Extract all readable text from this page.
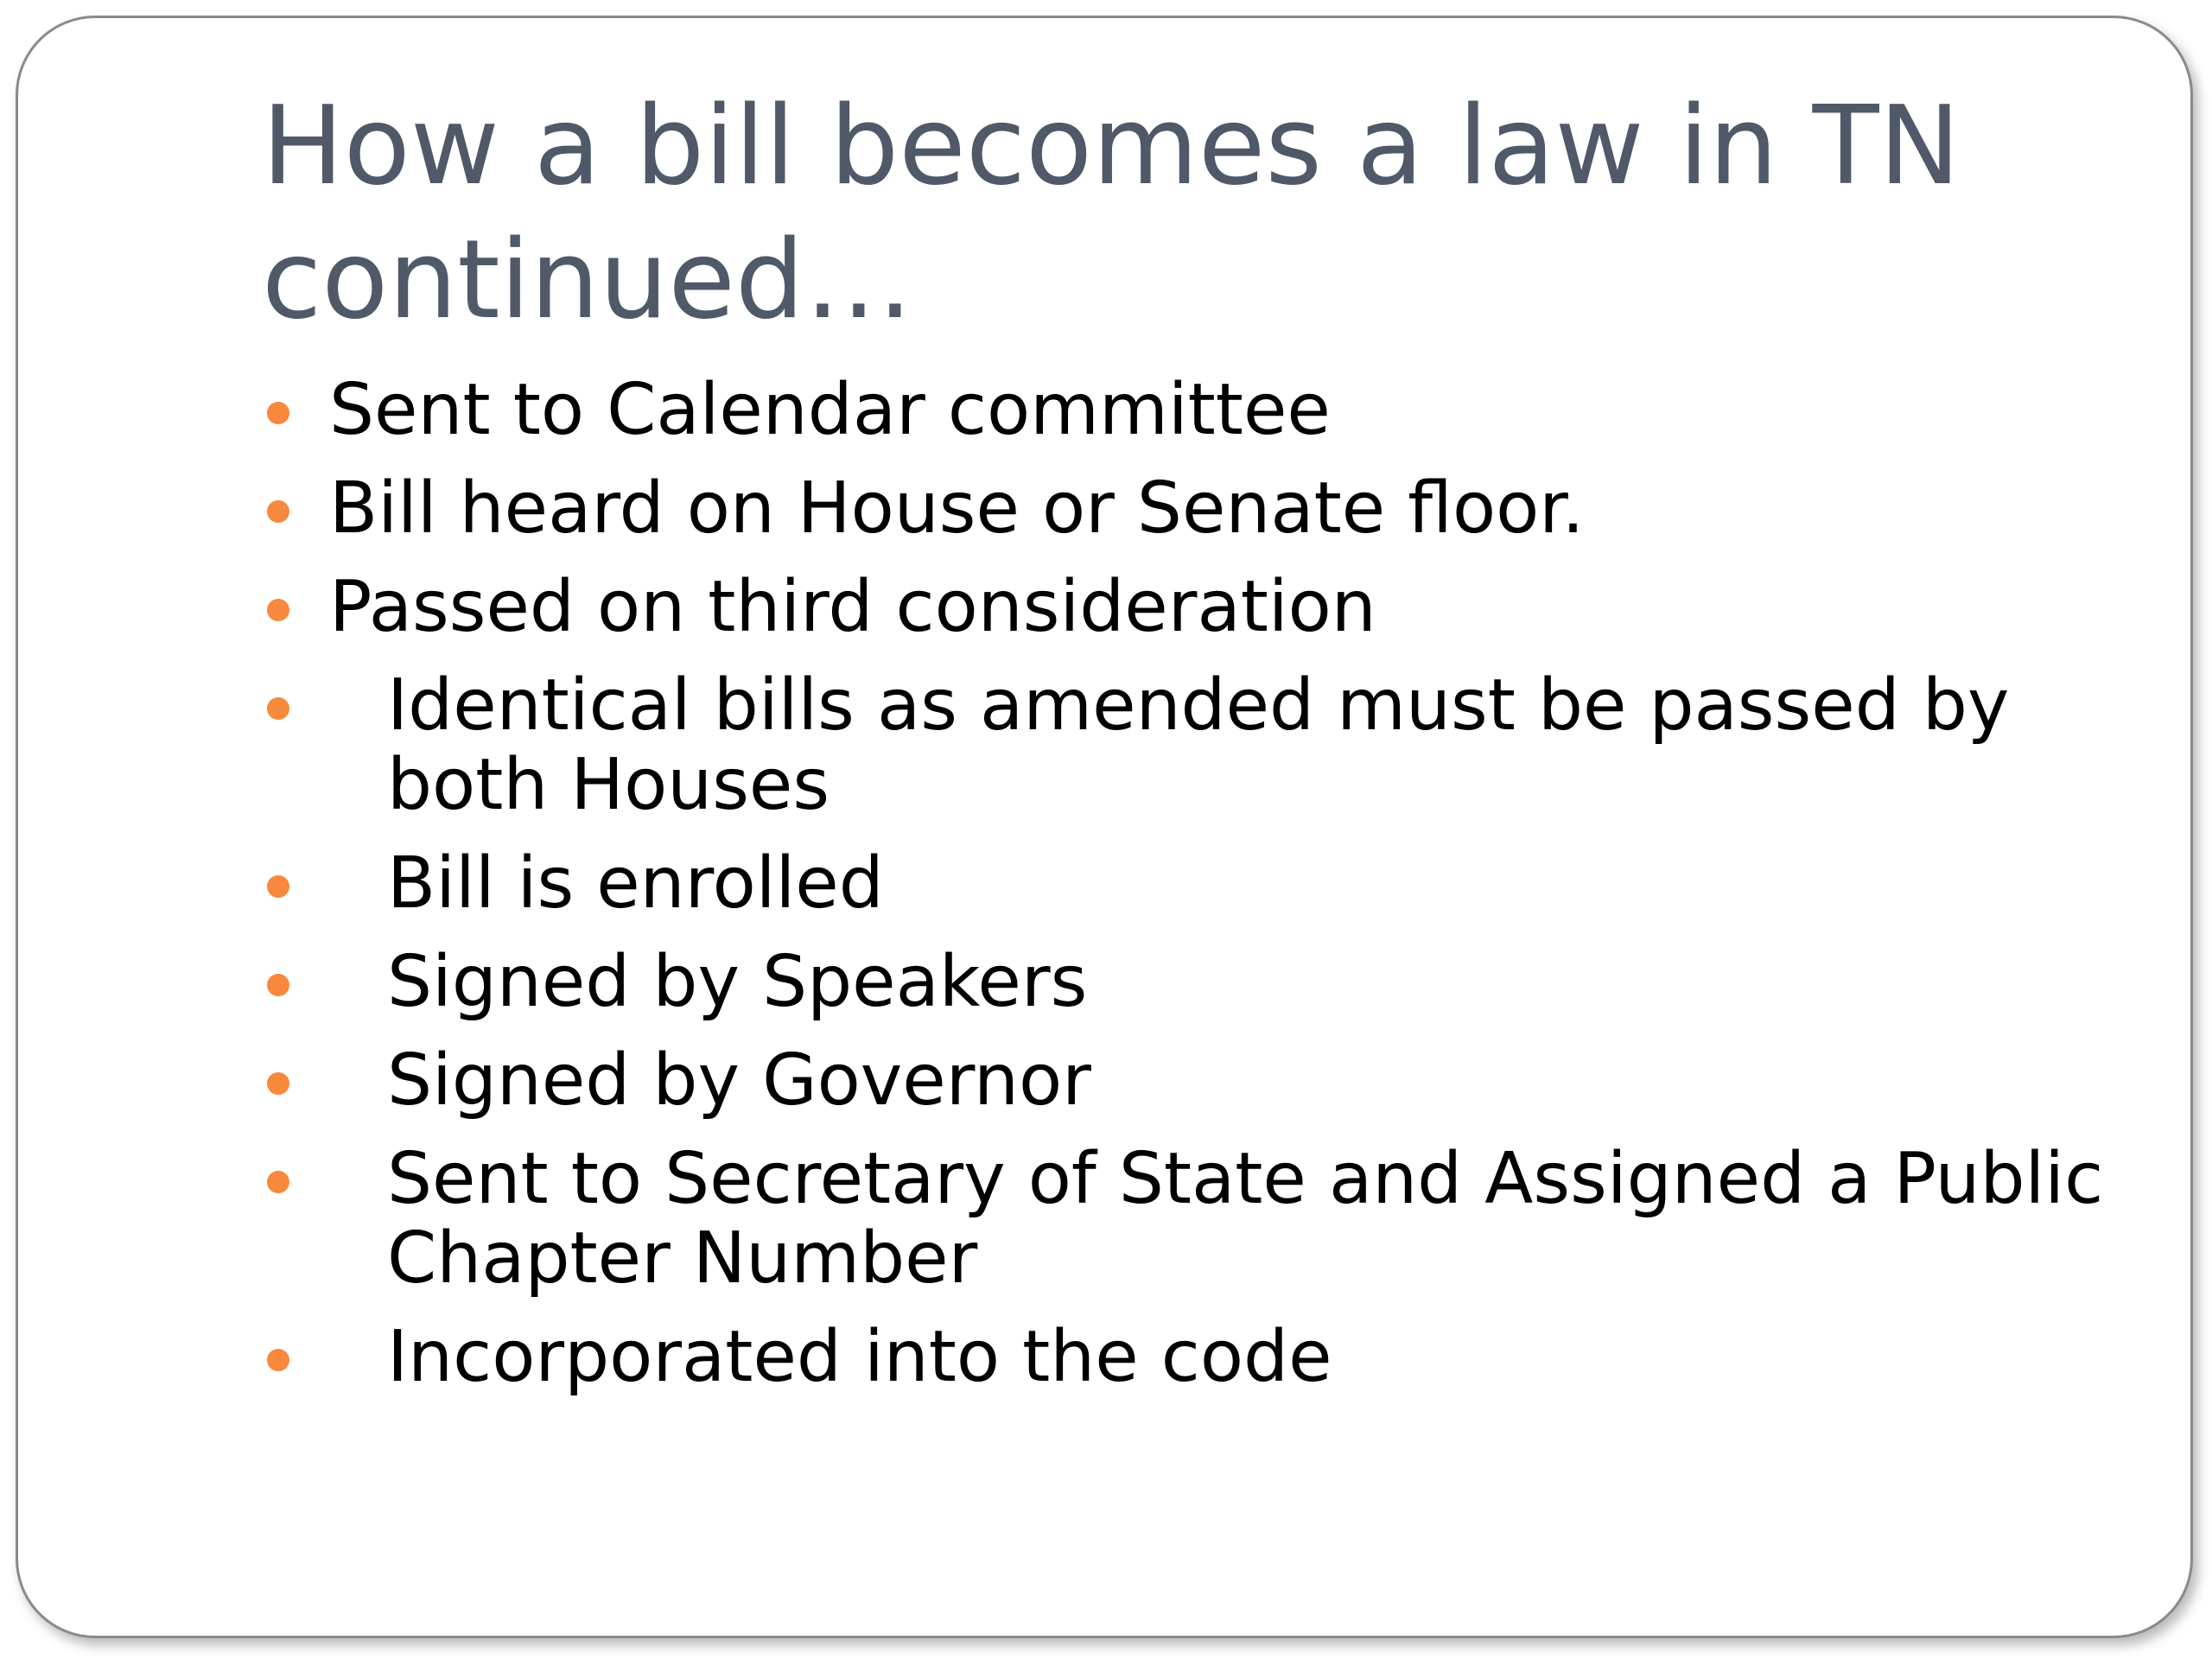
How a bill becomes a law in TN
continued…
Sent to Calendar committee
Bill heard on House or Senate floor.
Passed on third consideration
Identical bills as amended must be passed by both Houses
Bill is enrolled
Signed by Speakers
Signed by Governor
Sent to Secretary of State and Assigned a Public Chapter Number
Incorporated into the code
